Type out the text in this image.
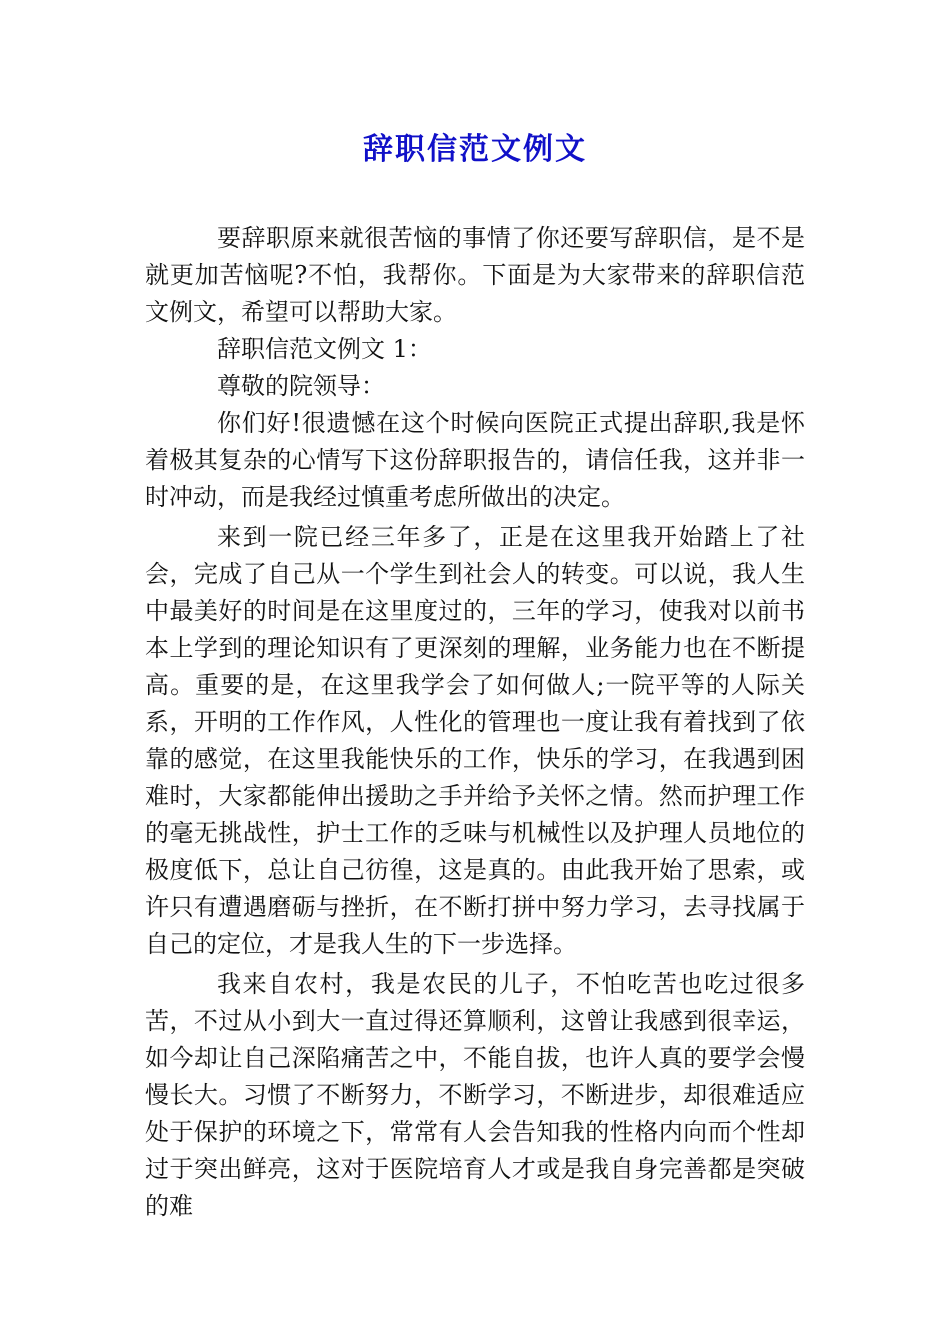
辞职信范文例文

要辞职原来就很苦恼的事情了你还要写辞职信，是不是就更加苦恼呢?不怕，我帮你。下面是为大家带来的辞职信范文例文，希望可以帮助大家。

辞职信范文例文 1：

尊敬的院领导：

你们好!很遗憾在这个时候向医院正式提出辞职,我是怀着极其复杂的心情写下这份辞职报告的，请信任我，这并非一时冲动，而是我经过慎重考虑所做出的决定。

来到一院已经三年多了，正是在这里我开始踏上了社会，完成了自己从一个学生到社会人的转变。可以说，我人生中最美好的时间是在这里度过的，三年的学习，使我对以前书本上学到的理论知识有了更深刻的理解，业务能力也在不断提高。重要的是，在这里我学会了如何做人;一院平等的人际关系，开明的工作作风，人性化的管理也一度让我有着找到了依靠的感觉，在这里我能快乐的工作，快乐的学习，在我遇到困难时，大家都能伸出援助之手并给予关怀之情。然而护理工作的毫无挑战性，护士工作的乏味与机械性以及护理人员地位的极度低下，总让自己彷徨，这是真的。由此我开始了思索，或许只有遭遇磨砺与挫折，在不断打拼中努力学习，去寻找属于自己的定位，才是我人生的下一步选择。

我来自农村，我是农民的儿子，不怕吃苦也吃过很多苦，不过从小到大一直过得还算顺利，这曾让我感到很幸运，如今却让自己深陷痛苦之中，不能自拔，也许人真的要学会慢慢长大。习惯了不断努力，不断学习，不断进步，却很难适应处于保护的环境之下，常常有人会告知我的性格内向而个性却过于突出鲜亮，这对于医院培育人才或是我自身完善都是突破的难
